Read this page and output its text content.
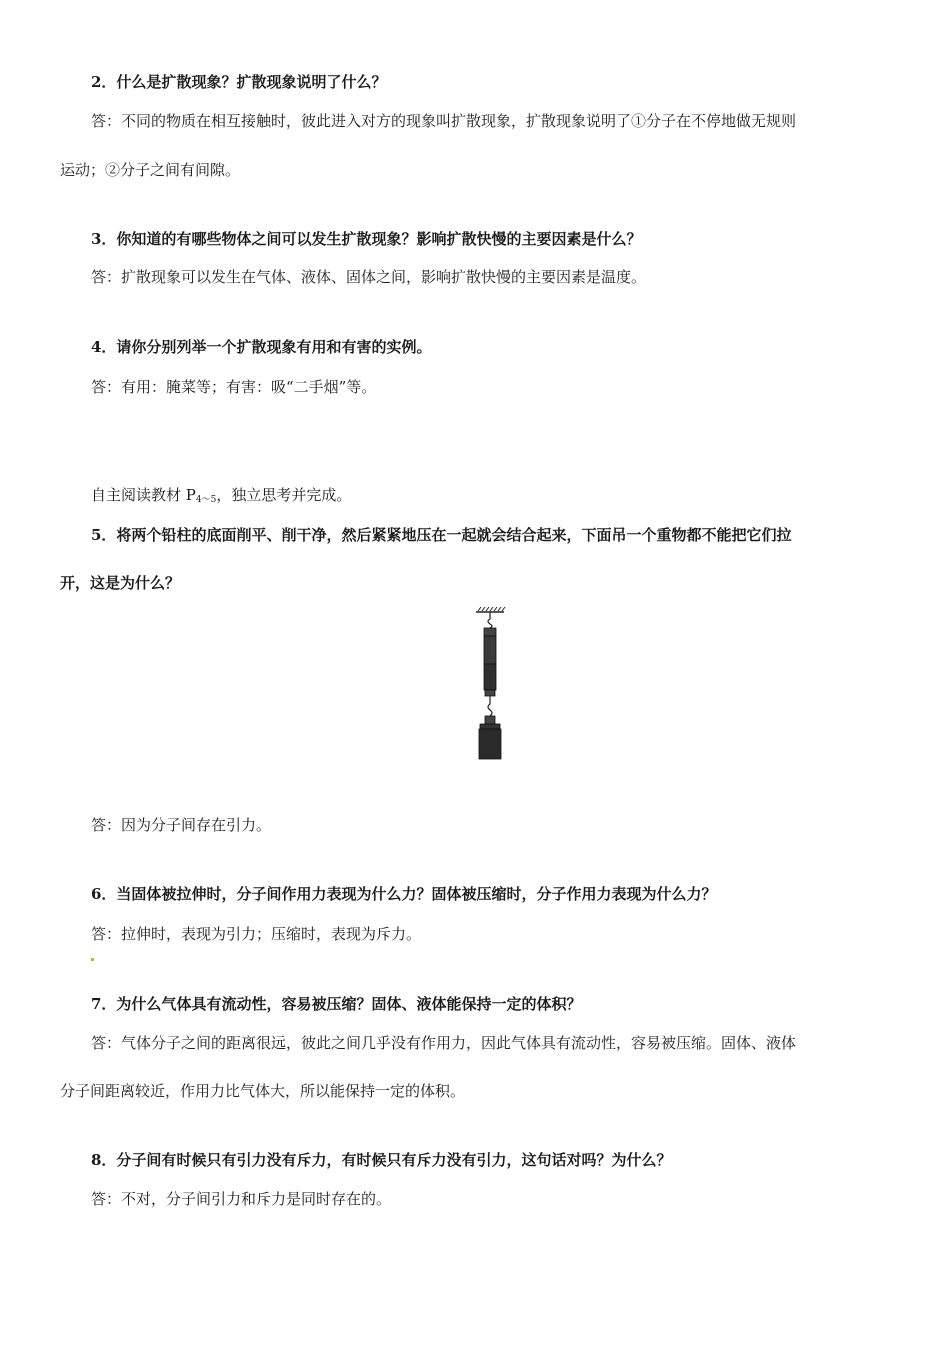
2．什么是扩散现象？扩散现象说明了什么？
答：不同的物质在相互接触时，彼此进入对方的现象叫扩散现象，扩散现象说明了①分子在不停地做无规则
运动；②分子之间有间隙。
3．你知道的有哪些物体之间可以发生扩散现象？影响扩散快慢的主要因素是什么？
答：扩散现象可以发生在气体、液体、固体之间，影响扩散快慢的主要因素是温度。
4．请你分别列举一个扩散现象有用和有害的实例。
答：有用：腌菜等；有害：吸“二手烟”等。
自主阅读教材 $P_{4\sim 5}$，独立思考并完成。
5．将两个铅柱的底面削平、削干净，然后紧紧地压在一起就会结合起来，下面吊一个重物都不能把它们拉
开，这是为什么？
答：因为分子间存在引力。
6．当固体被拉伸时，分子间作用力表现为什么力？固体被压缩时，分子作用力表现为什么力？
答：拉伸时，表现为引力；压缩时，表现为斥力。
7．为什么气体具有流动性，容易被压缩？固体、液体能保持一定的体积？
答：气体分子之间的距离很远，彼此之间几乎没有作用力，因此气体具有流动性，容易被压缩。固体、液体
分子间距离较近，作用力比气体大，所以能保持一定的体积。
8．分子间有时候只有引力没有斥力，有时候只有斥力没有引力，这句话对吗？为什么？
答：不对，分子间引力和斥力是同时存在的。
